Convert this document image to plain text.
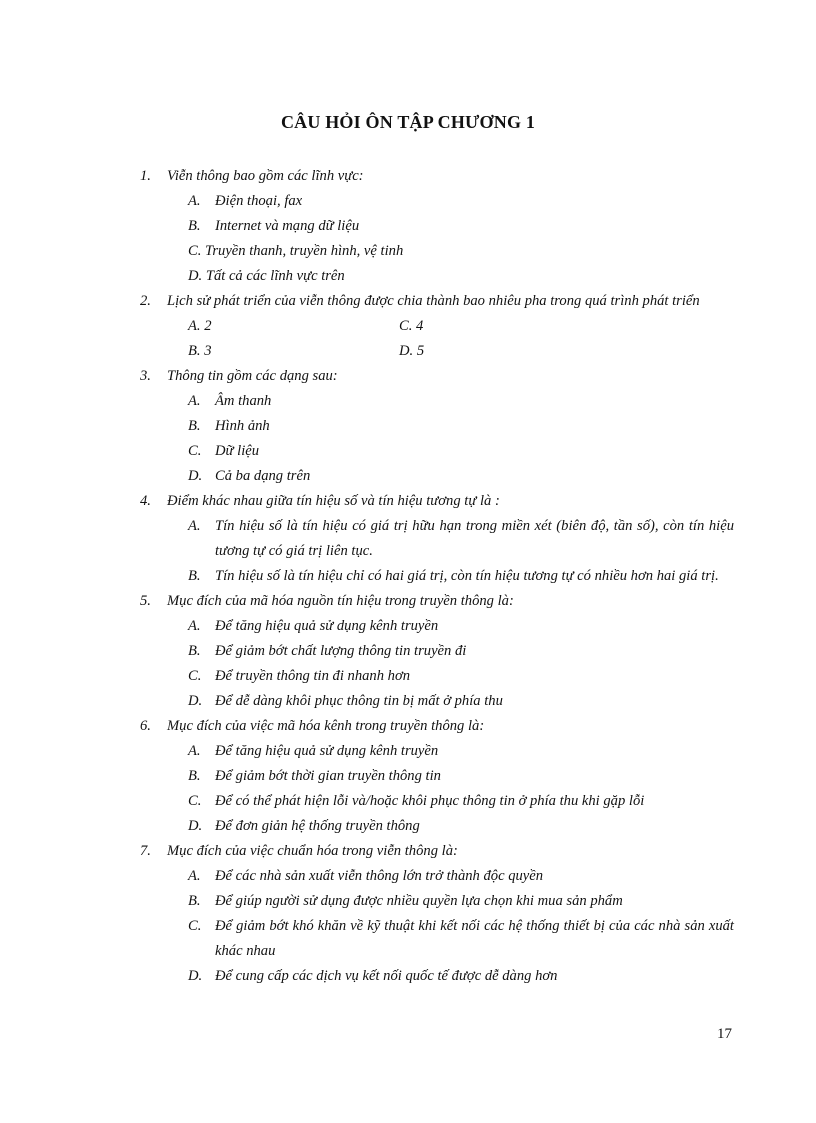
CÂU HỎI ÔN TẬP CHƯƠNG 1
1.	Viễn thông bao gồm các lĩnh vực:
A. Điện thoại, fax
B. Internet và mạng dữ liệu
C. Truyền thanh, truyền hình, vệ tinh
D. Tất cả các lĩnh vực trên
2.	Lịch sử phát triển của viễn thông được chia thành bao nhiêu pha trong quá trình phát triển
A. 2	C. 4
B. 3	D. 5
3.	Thông tin gồm các dạng sau:
A. Âm thanh
B. Hình ảnh
C. Dữ liệu
D. Cả ba dạng trên
4.	Điểm khác nhau giữa tín hiệu số và tín hiệu tương tự là :
A. Tín hiệu số là tín hiệu có giá trị hữu hạn trong miền xét (biên độ, tần số), còn tín hiệu tương tự có giá trị liên tục.
B. Tín hiệu số là tín hiệu chỉ có hai giá trị, còn tín hiệu tương tự có nhiều hơn hai giá trị.
5.	Mục đích của mã hóa nguồn tín hiệu trong truyền thông là:
A. Để tăng hiệu quả sử dụng kênh truyền
B. Để giảm bớt chất lượng thông tin truyền đi
C. Để truyền thông tin đi nhanh hơn
D. Để dễ dàng khôi phục thông tin bị mất ở phía thu
6.	Mục đích của việc mã hóa kênh trong truyền thông là:
A. Để tăng hiệu quả sử dụng kênh truyền
B. Để giảm bớt thời gian truyền thông tin
C. Để có thể phát hiện lỗi và/hoặc khôi phục thông tin ở phía thu khi gặp lỗi
D. Để đơn giản hệ thống truyền thông
7.	Mục đích của việc chuẩn hóa trong viễn thông là:
A. Để các nhà sản xuất viễn thông lớn trở thành độc quyền
B. Để giúp người sử dụng được nhiều quyền lựa chọn khi mua sản phẩm
C. Để giảm bớt khó khăn về kỹ thuật khi kết nối các hệ thống thiết bị của các nhà sản xuất khác nhau
D. Để cung cấp các dịch vụ kết nối quốc tế được dễ dàng hơn
17
